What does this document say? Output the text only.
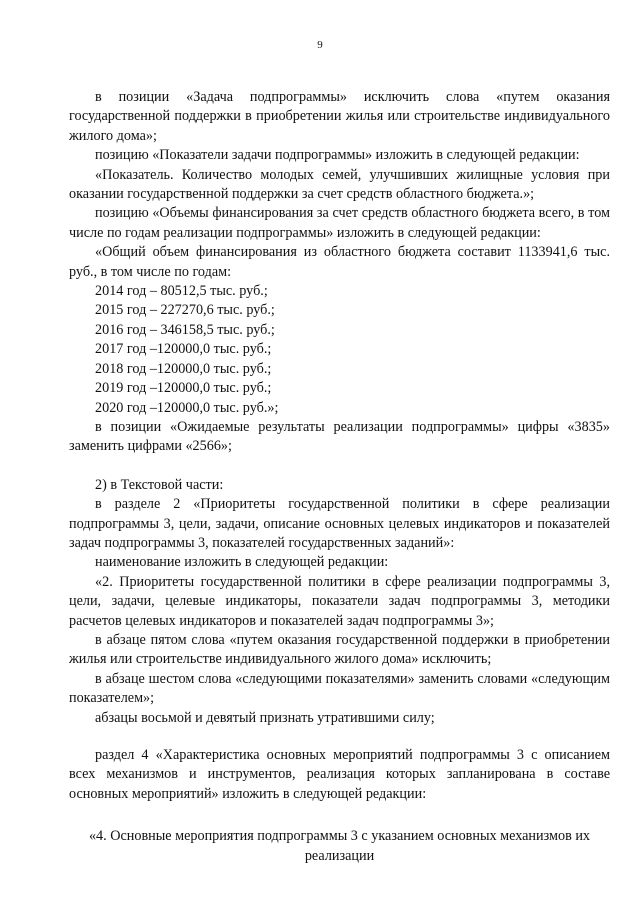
9

в позиции «Задача подпрограммы» исключить слова «путем оказания государственной поддержки в приобретении жилья или строительстве индивидуального жилого дома»;

позицию «Показатели задачи подпрограммы» изложить в следующей редакции:

«Показатель. Количество молодых семей, улучшивших жилищные условия при оказании государственной поддержки за счет средств областного бюджета.»;

позицию «Объемы финансирования за счет средств областного бюджета всего, в том числе по годам реализации подпрограммы» изложить в следующей редакции:

«Общий объем финансирования из областного бюджета составит 1133941,6 тыс. руб., в том числе по годам:

2014 год – 80512,5 тыс. руб.;

2015 год – 227270,6 тыс. руб.;

2016 год – 346158,5 тыс. руб.;

2017 год –120000,0 тыс. руб.;

2018 год –120000,0 тыс. руб.;

2019 год –120000,0 тыс. руб.;

2020 год –120000,0 тыс. руб.»;

в позиции «Ожидаемые результаты реализации подпрограммы» цифры «3835» заменить цифрами «2566»;

2) в Текстовой части:

в разделе 2 «Приоритеты государственной политики в сфере реализации подпрограммы 3, цели, задачи, описание основных целевых индикаторов и показателей задач подпрограммы 3, показателей государственных заданий»:

наименование изложить в следующей редакции:

«2. Приоритеты государственной политики в сфере реализации подпрограммы 3, цели, задачи, целевые индикаторы, показатели задач подпрограммы 3, методики расчетов целевых индикаторов и показателей задач подпрограммы 3»;

в абзаце пятом слова «путем оказания государственной поддержки в приобретении жилья или строительстве индивидуального жилого дома» исключить;

в абзаце шестом слова «следующими показателями» заменить словами «следующим показателем»;

абзацы восьмой и девятый признать утратившими силу;

раздел 4 «Характеристика основных мероприятий подпрограммы 3 с описанием всех механизмов и инструментов, реализация которых запланирована в составе основных мероприятий» изложить в следующей редакции:

«4. Основные мероприятия подпрограммы 3 с указанием основных механизмов их реализации
